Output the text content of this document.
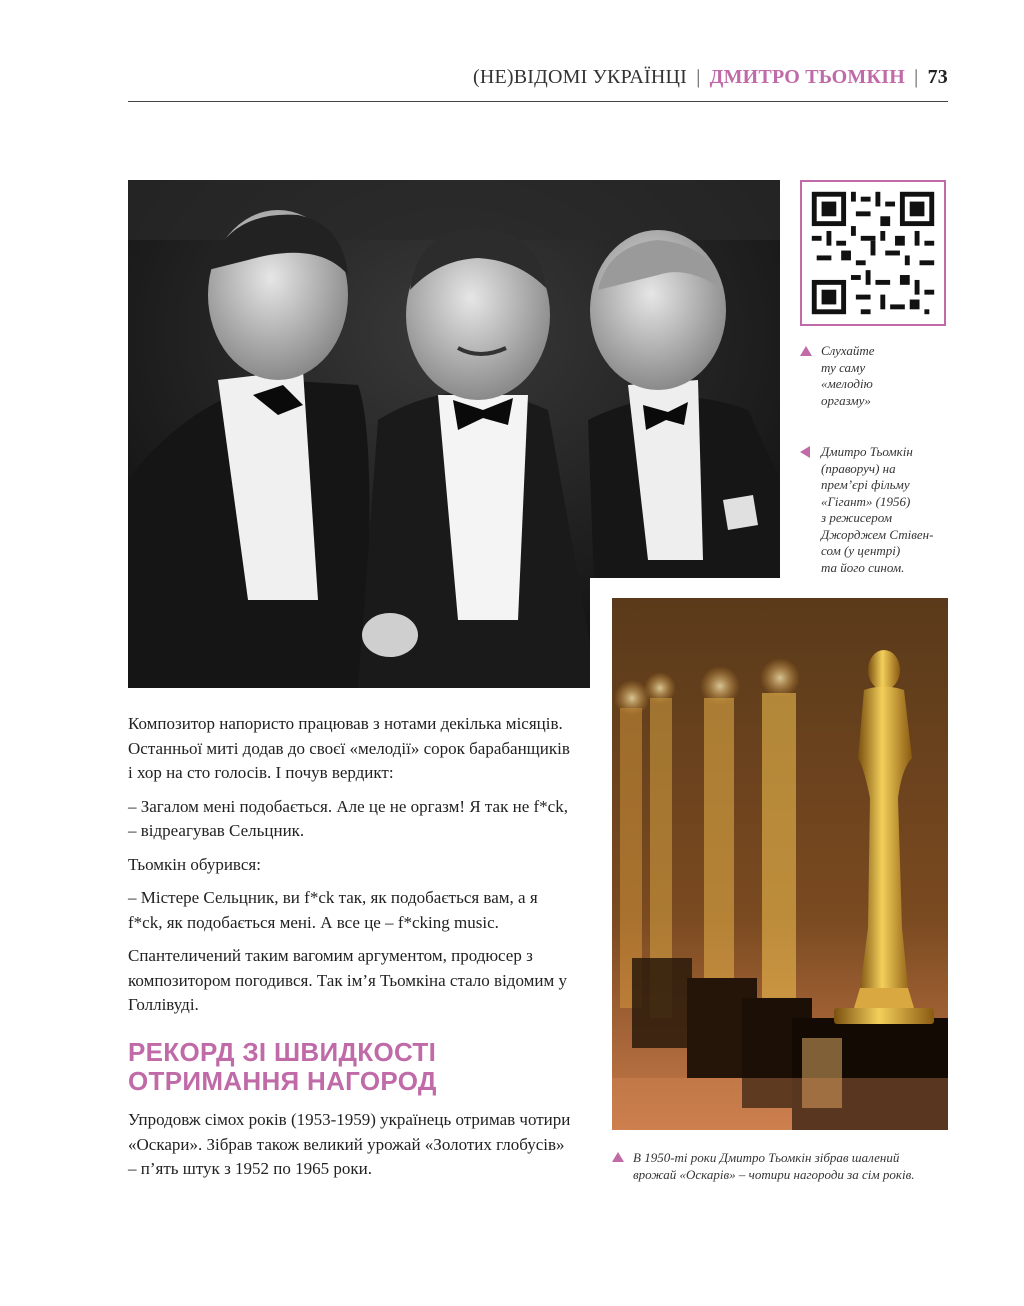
(НЕ)ВІДОМІ УКРАЇНЦІ | ДМИТРО ТЬОМКІН | 73
Слухайте
ту саму
«мелодію
оргазму»
Дмитро Тьомкін
(праворуч) на
прем’єрі фільму
«Гігант» (1956)
з режисером
Джорджем Стівен-
сом (у центрі)
та його сином.
В 1950-ті роки Дмитро Тьомкін зібрав шалений
врожай «Оскарів» – чотири нагороди за сім років.

Композитор напористо працював з нотами декілька місяців. Останньої миті додав до своєї «мелодії» сорок барабанщиків і хор на сто голосів. І почув вердикт:

– Загалом мені подобається. Але це не оргазм! Я так не f*ck, – відреагував Сельцник.

Тьомкін обурився:

– Містере Сельцник, ви f*ck так, як подобається вам, а я f*ck, як подобається мені. А все це – f*cking music.

Спантеличений таким вагомим аргументом, продюсер з композитором погодився. Так ім’я Тьомкіна стало відомим у Голлівуді.

РЕКОРД ЗІ ШВИДКОСТІ
ОТРИМАННЯ НАГОРОД

Упродовж сімох років (1953-1959) українець отримав чотири «Оскари». Зібрав також великий урожай «Золотих глобусів» – п’ять штук з 1952 по 1965 роки.
